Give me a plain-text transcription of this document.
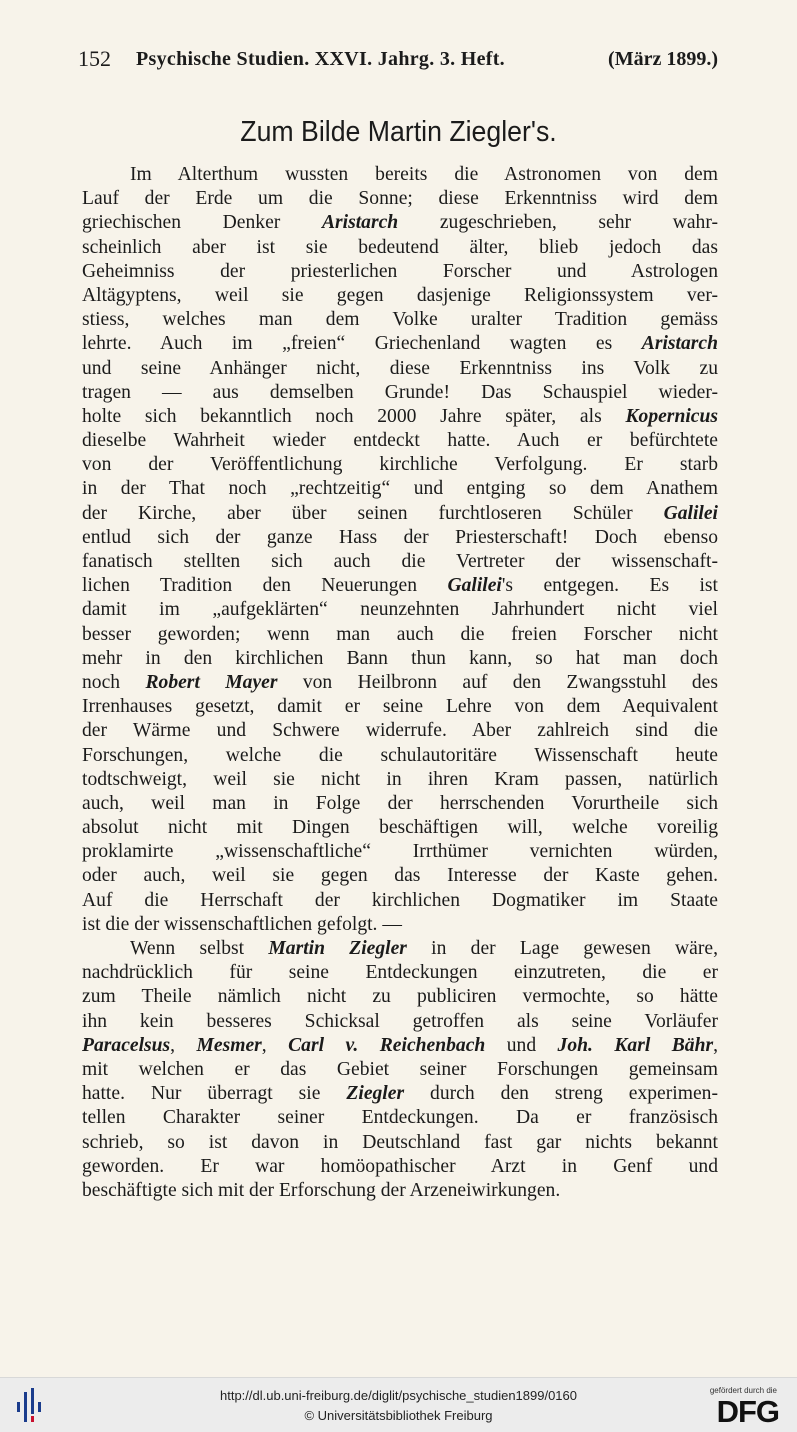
152 Psychische Studien. XXVI. Jahrg. 3. Heft.	(März 1899.)
Zum Bilde Martin Ziegler's.
Im Alterthum wussten bereits die Astronomen von dem
Lauf der Erde um die Sonne; diese Erkenntniss wird dem
griechischen Denker Aristarch zugeschrieben, sehr wahr-
scheinlich aber ist sie bedeutend älter, blieb jedoch das
Geheimniss der priesterlichen Forscher und Astrologen
Altägyptens, weil sie gegen dasjenige Religionssystem ver-
stiess, welches man dem Volke uralter Tradition gemäss
lehrte. Auch im „freien“ Griechenland wagten es Aristarch
und seine Anhänger nicht, diese Erkenntniss ins Volk zu
tragen — aus demselben Grunde! Das Schauspiel wieder-
holte sich bekanntlich noch 2000 Jahre später, als Kopernicus
dieselbe Wahrheit wieder entdeckt hatte. Auch er befürchtete
von der Veröffentlichung kirchliche Verfolgung. Er starb
in der That noch „rechtzeitig“ und entging so dem Anathem
der Kirche, aber über seinen furchtloseren Schüler Galilei
entlud sich der ganze Hass der Priesterschaft! Doch ebenso
fanatisch stellten sich auch die Vertreter der wissenschaft-
lichen Tradition den Neuerungen Galilei's entgegen. Es ist
damit im „aufgeklärten“ neunzehnten Jahrhundert nicht viel
besser geworden; wenn man auch die freien Forscher nicht
mehr in den kirchlichen Bann thun kann, so hat man doch
noch Robert Mayer von Heilbronn auf den Zwangsstuhl des
Irrenhauses gesetzt, damit er seine Lehre von dem Aequivalent
der Wärme und Schwere widerrufe. Aber zahlreich sind die
Forschungen, welche die schulautoritäre Wissenschaft heute
todtschweigt, weil sie nicht in ihren Kram passen, natürlich
auch, weil man in Folge der herrschenden Vorurtheile sich
absolut nicht mit Dingen beschäftigen will, welche voreilig
proklamirte „wissenschaftliche“ Irrthümer vernichten würden,
oder auch, weil sie gegen das Interesse der Kaste gehen.
Auf die Herrschaft der kirchlichen Dogmatiker im Staate
ist die der wissenschaftlichen gefolgt. —
Wenn selbst Martin Ziegler in der Lage gewesen wäre,
nachdrücklich für seine Entdeckungen einzutreten, die er
zum Theile nämlich nicht zu publiciren vermochte, so hätte
ihn kein besseres Schicksal getroffen als seine Vorläufer
Paracelsus, Mesmer, Carl v. Reichenbach und Joh. Karl Bähr,
mit welchen er das Gebiet seiner Forschungen gemeinsam
hatte. Nur überragt sie Ziegler durch den streng experimen-
tellen Charakter seiner Entdeckungen. Da er französisch
schrieb, so ist davon in Deutschland fast gar nichts bekannt
geworden. Er war homöopathischer Arzt in Genf und
beschäftigte sich mit der Erforschung der Arzeneiwirkungen.
http://dl.ub.uni-freiburg.de/diglit/psychische_studien1899/0160
© Universitätsbibliothek Freiburg
gefördert durch die
DFG
